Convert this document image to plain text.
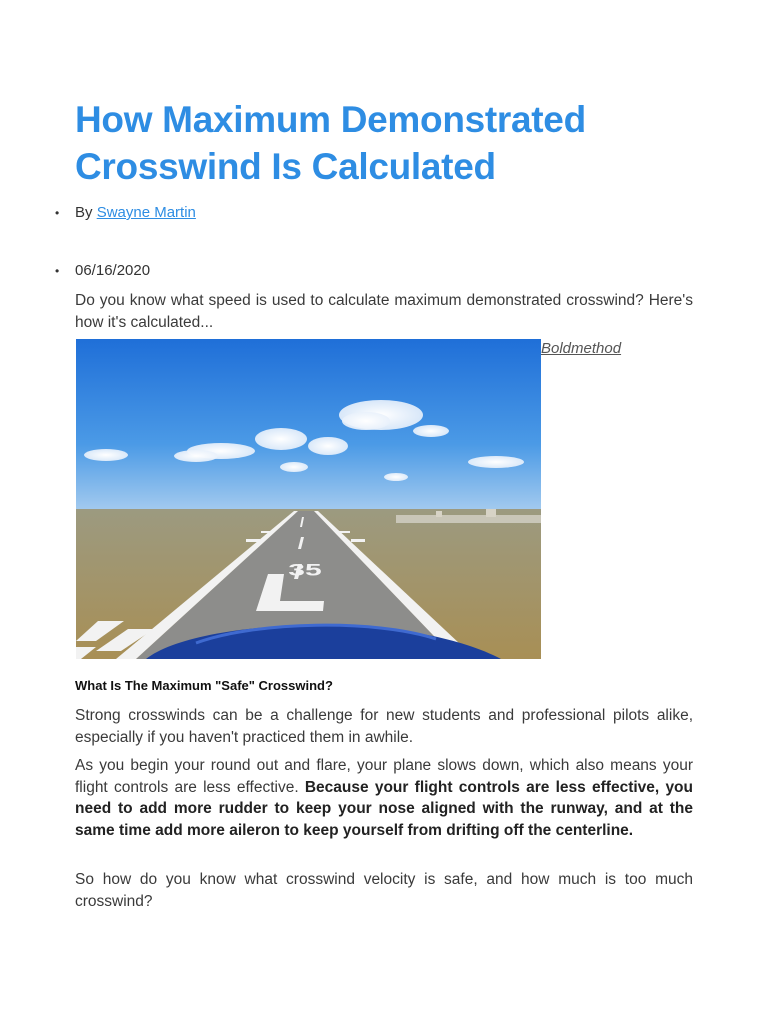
How Maximum Demonstrated Crosswind Is Calculated
• By Swayne Martin
• 06/16/2020

Do you know what speed is used to calculate maximum demonstrated crosswind? Here's how it's calculated...

35
Boldmethod

What Is The Maximum "Safe" Crosswind?

Strong crosswinds can be a challenge for new students and professional pilots alike, especially if you haven't practiced them in awhile.

As you begin your round out and flare, your plane slows down, which also means your flight controls are less effective. Because your flight controls are less effective, you need to add more rudder to keep your nose aligned with the runway, and at the same time add more aileron to keep yourself from drifting off the centerline.

So how do you know what crosswind velocity is safe, and how much is too much crosswind?
